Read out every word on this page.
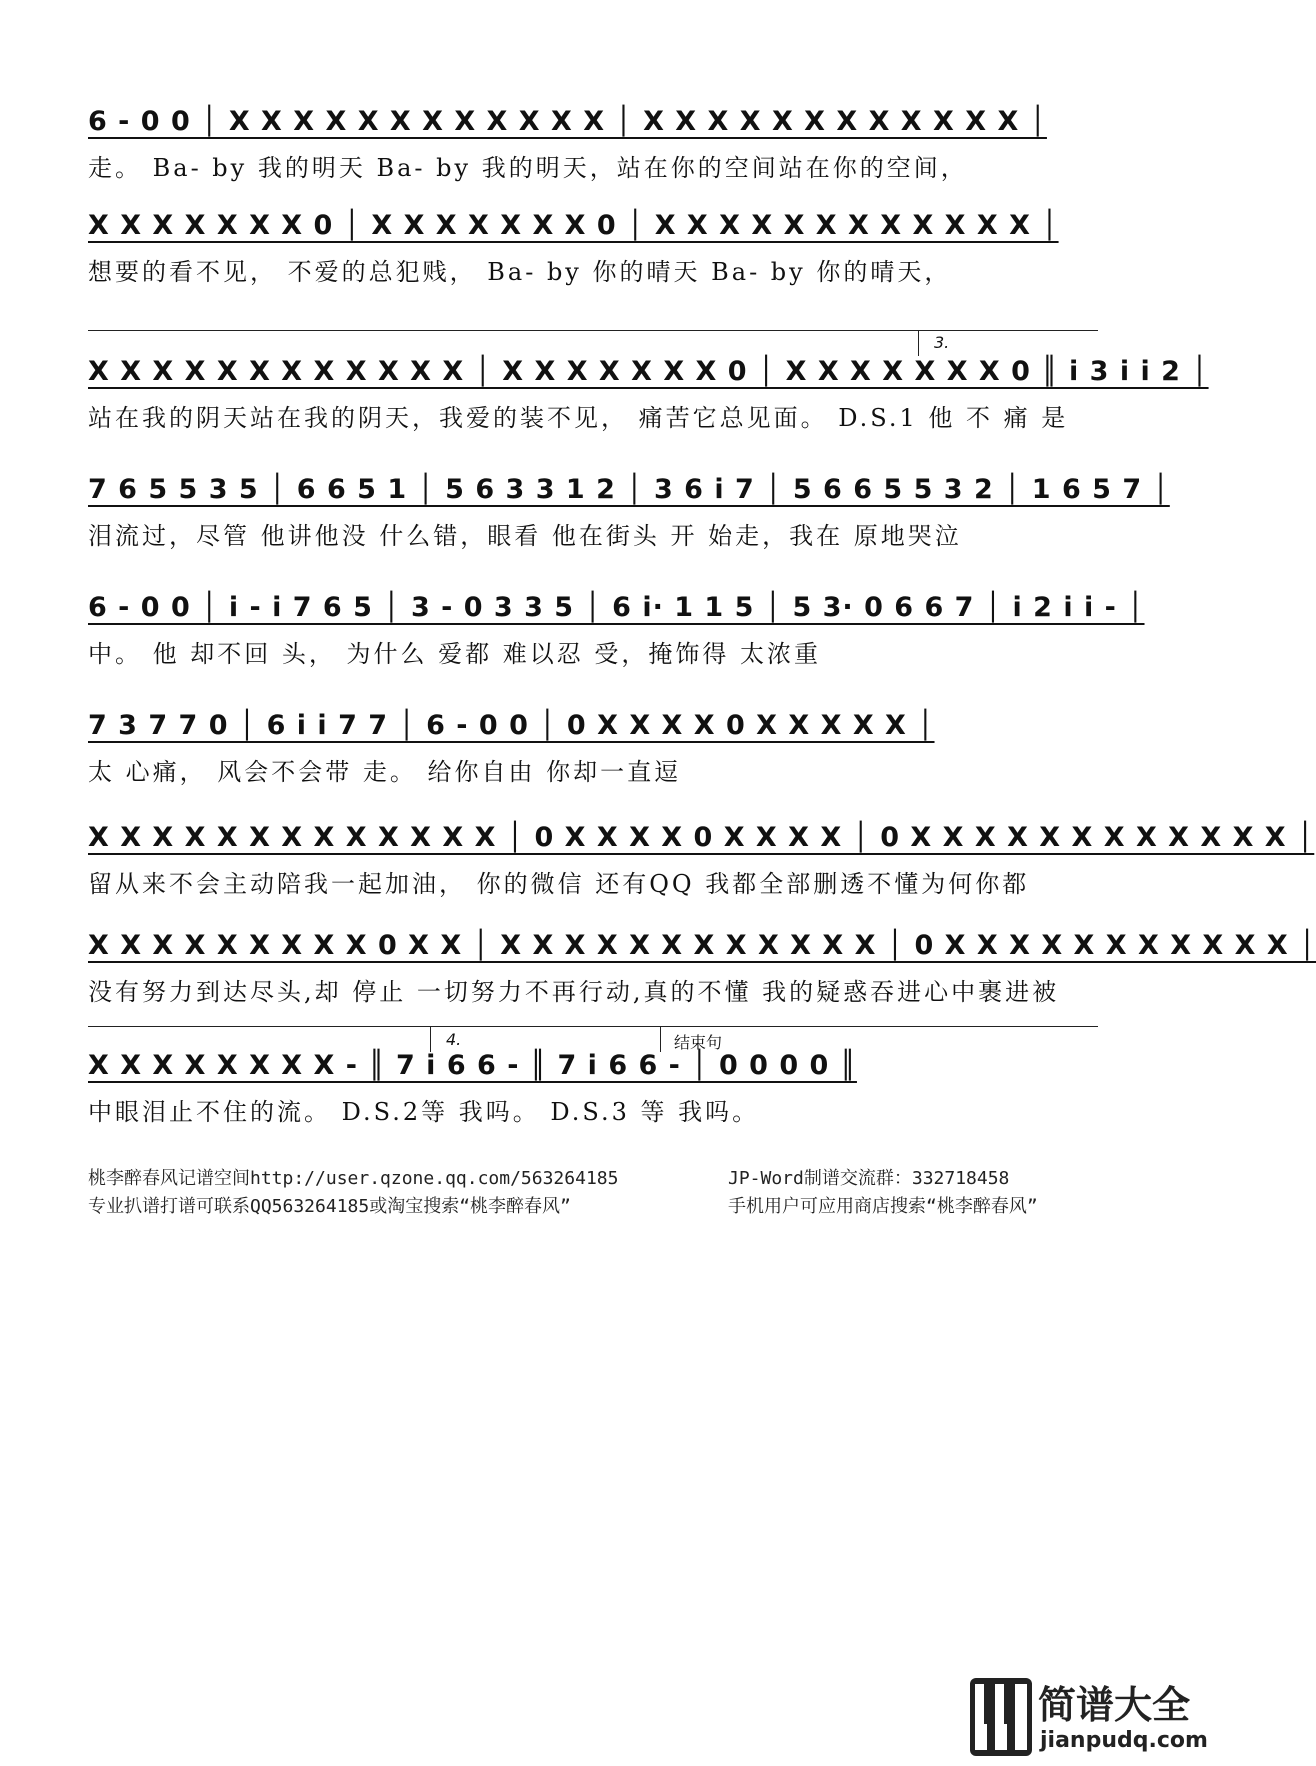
6 - 0 0 │ X X X X X X X X X X X X │ X X X X X X X X X X X X │
走。 Ba- by 我的明天 Ba- by 我的明天，站在你的空间站在你的空间，
X X X X X X X 0 │ X X X X X X X 0 │ X X X X X X X X X X X X │
想要的看不见， 不爱的总犯贱， Ba- by 你的晴天 Ba- by 你的晴天，
3.
X X X X X X X X X X X X │ X X X X X X X 0 │ X X X X X X X 0 ║ i 3 i i 2 │
站在我的阴天站在我的阴天，我爱的装不见， 痛苦它总见面。 D.S.1 他 不 痛 是
7 6 5 5 3 5 │ 6 6 5 1 │ 5 6 3 3 1 2 │ 3 6 i 7 │ 5 6 6 5 5 3 2 │ 1 6 5 7 │
泪流过，尽管 他讲他没 什么错，眼看 他在街头 开 始走，我在 原地哭泣
6 - 0 0 │ i - i 7 6 5 │ 3 - 0 3 3 5 │ 6 i· 1 1 5 │ 5 3· 0 6 6 7 │ i 2 i i - │
中。 他 却不回 头， 为什么 爱都 难以忍 受，掩饰得 太浓重
7 3 7 7 0 │ 6 i i 7 7 │ 6 - 0 0 │ 0 X X X X 0 X X X X X │
太 心痛， 风会不会带 走。 给你自由 你却一直逗
X X X X X X X X X X X X X │ 0 X X X X 0 X X X X │ 0 X X X X X X X X X X X X │
留从来不会主动陪我一起加油， 你的微信 还有QQ 我都全部删透不懂为何你都
X X X X X X X X X 0 X X │ X X X X X X X X X X X X │ 0 X X X X X X X X X X X │
没有努力到达尽头,却 停止 一切努力不再行动,真的不懂 我的疑惑吞进心中裹进被
4.	结束句
X X X X X X X X - ║ 7 i 6 6 - ║ 7 i 6 6 - │ 0 0 0 0 ║
中眼泪止不住的流。 D.S.2等 我吗。 D.S.3 等 我吗。
桃李醉春风记谱空间http://user.qzone.qq.com/563264185
专业扒谱打谱可联系QQ563264185或淘宝搜索“桃李醉春风”
JP-Word制谱交流群：332718458
手机用户可应用商店搜索“桃李醉春风”
简谱大全
jianpudq.com
